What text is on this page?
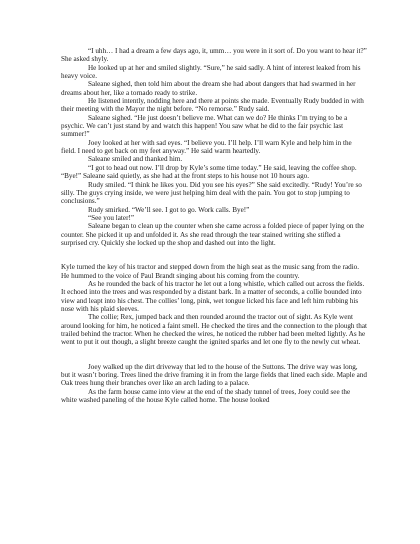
“I uhh… I had a dream a few days ago, it, umm… you were in it sort of. Do you want to hear it?” She asked shyly.

He looked up at her and smiled slightly. “Sure,” he said sadly. A hint of interest leaked from his heavy voice.

Saleane sighed, then told him about the dream she had about dangers that had swarmed in her dreams about her, like a tornado ready to strike.

He listened intently, nodding here and there at points she made. Eventually Rudy budded in with their meeting with the Mayor the night before. “No remorse.” Rudy said.

Saleane sighed. “He just doesn’t believe me. What can we do? He thinks I’m trying to be a psychic. We can’t just stand by and watch this happen! You saw what he did to the fair psychic last summer!”

Joey looked at her with sad eyes. “I believe you. I’ll help. I’ll warn Kyle and help him in the field. I need to get back on my feet anyway.” He said warm heartedly.

Saleane smiled and thanked him.

“I got to head out now. I’ll drop by Kyle’s some time today.” He said, leaving the coffee shop. “Bye!” Saleane said quietly, as she had at the front steps to his house not 10 hours ago.

Rudy smiled. “I think he likes you. Did you see his eyes?” She said excitedly. “Rudy! You’re so silly. The guys crying inside, we were just helping him deal with the pain. You got to stop jumping to conclusions.”

Rudy smirked. “We’ll see. I got to go. Work calls. Bye!”

“See you later!”

Saleane began to clean up the counter when she came across a folded piece of paper lying on the counter. She picked it up and unfolded it. As she read through the tear stained writing she stifled a surprised cry. Quickly she locked up the shop and dashed out into the light.

Kyle turned the key of his tractor and stepped down from the high seat as the music sang from the radio. He hummed to the voice of Paul Brandt singing about his coming from the country.

As he rounded the back of his tractor he let out a long whistle, which called out across the fields. It echoed into the trees and was responded by a distant bark. In a matter of seconds, a collie bounded into view and leapt into his chest. The collies’ long, pink, wet tongue licked his face and left him rubbing his nose with his plaid sleeves.

The collie; Rex, jumped back and then rounded around the tractor out of sight. As Kyle went around looking for him, he noticed a faint smell. He checked the tires and the connection to the plough that trailed behind the tractor. When he checked the wires, he noticed the rubber had been melted lightly. As he went to put it out though, a slight breeze caught the ignited sparks and let one fly to the newly cut wheat.

Joey walked up the dirt driveway that led to the house of the Suttons. The drive way was long, but it wasn’t boring. Trees lined the drive framing it in from the large fields that lined each side. Maple and Oak trees hung their branches over like an arch lading to a palace.

As the farm house came into view at the end of the shady tunnel of trees, Joey could see the white washed paneling of the house Kyle called home. The house looked
